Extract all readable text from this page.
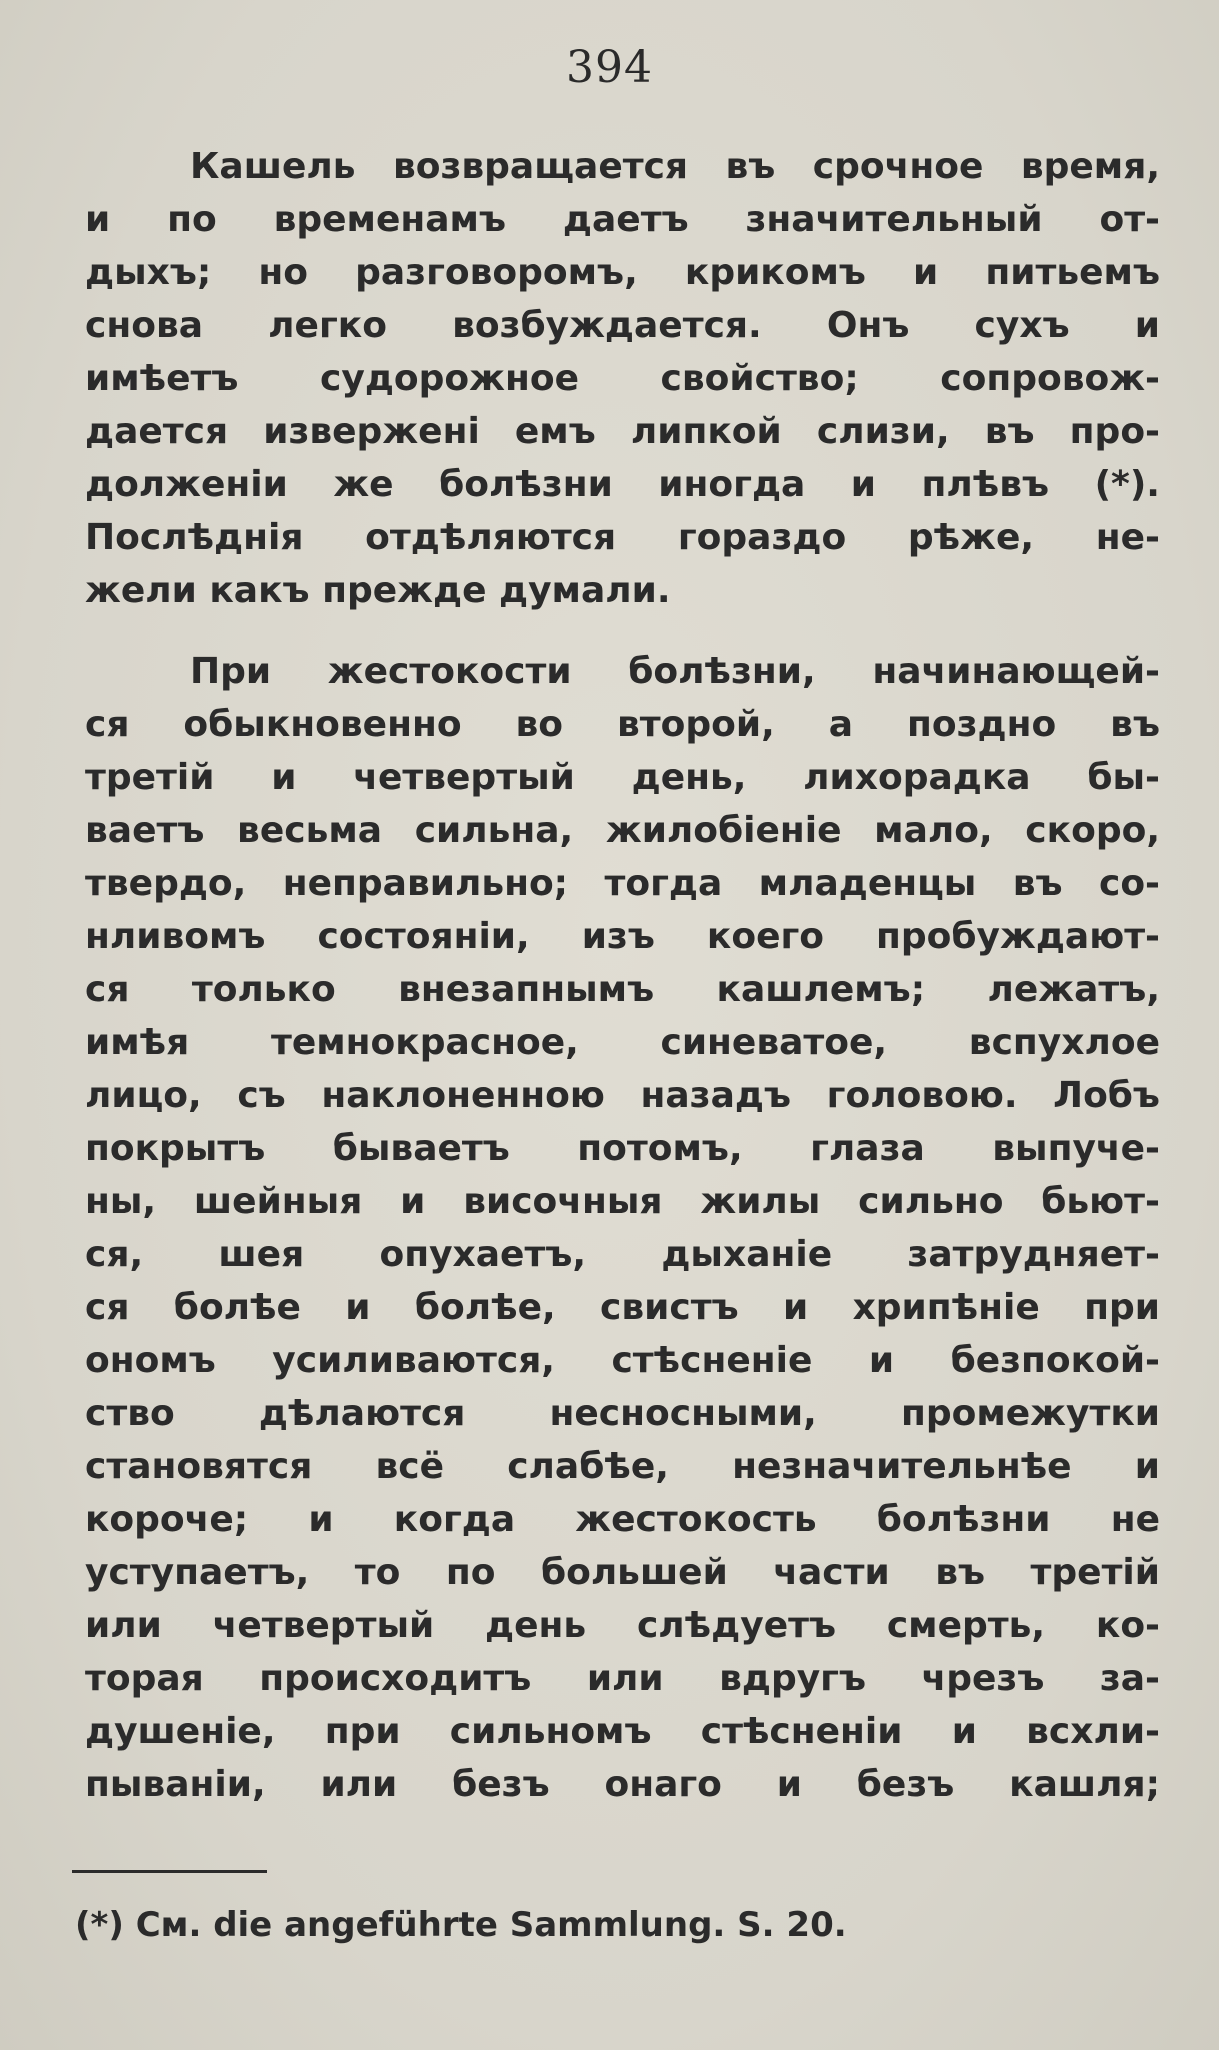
394
Кашель возвращается въ срочное время,
и по временамъ даетъ значительный от-
дыхъ; но разговоромъ, крикомъ и питьемъ
снова легко возбуждается. Онъ сухъ и
имѣетъ судорожное свойство; сопровож-
дается извержені емъ липкой слизи, въ про-
долженіи же болѣзни иногда и плѣвъ (*).
Послѣднія отдѣляются гораздо рѣже, не-
жели какъ прежде думали.
При жестокости болѣзни, начинающей-
ся обыкновенно во второй, а поздно въ
третій и четвертый день, лихорадка бы-
ваетъ весьма сильна, жилобіеніе мало, скоро,
твердо, неправильно; тогда младенцы въ со-
нливомъ состояніи, изъ коего пробуждают-
ся только внезапнымъ кашлемъ; лежатъ,
имѣя темнокрасное, синеватое, вспухлое
лицо, съ наклоненною назадъ головою. Лобъ
покрытъ бываетъ потомъ, глаза выпуче-
ны, шейныя и височныя жилы сильно бьют-
ся, шея опухаетъ, дыханіе затрудняет-
ся болѣе и болѣе, свистъ и хрипѣніе при
ономъ усиливаются, стѣсненіе и безпокой-
ство дѣлаются несносными, промежутки
становятся всё слабѣе, незначительнѣе и
короче; и когда жестокость болѣзни не
уступаетъ, то по большей части въ третій
или четвертый день слѣдуетъ смерть, ко-
торая происходитъ или вдругъ чрезъ за-
душеніе, при сильномъ стѣсненіи и всхли-
пываніи, или безъ онаго и безъ кашля;
(*) См. die angeführte Sammlung. S. 20.
